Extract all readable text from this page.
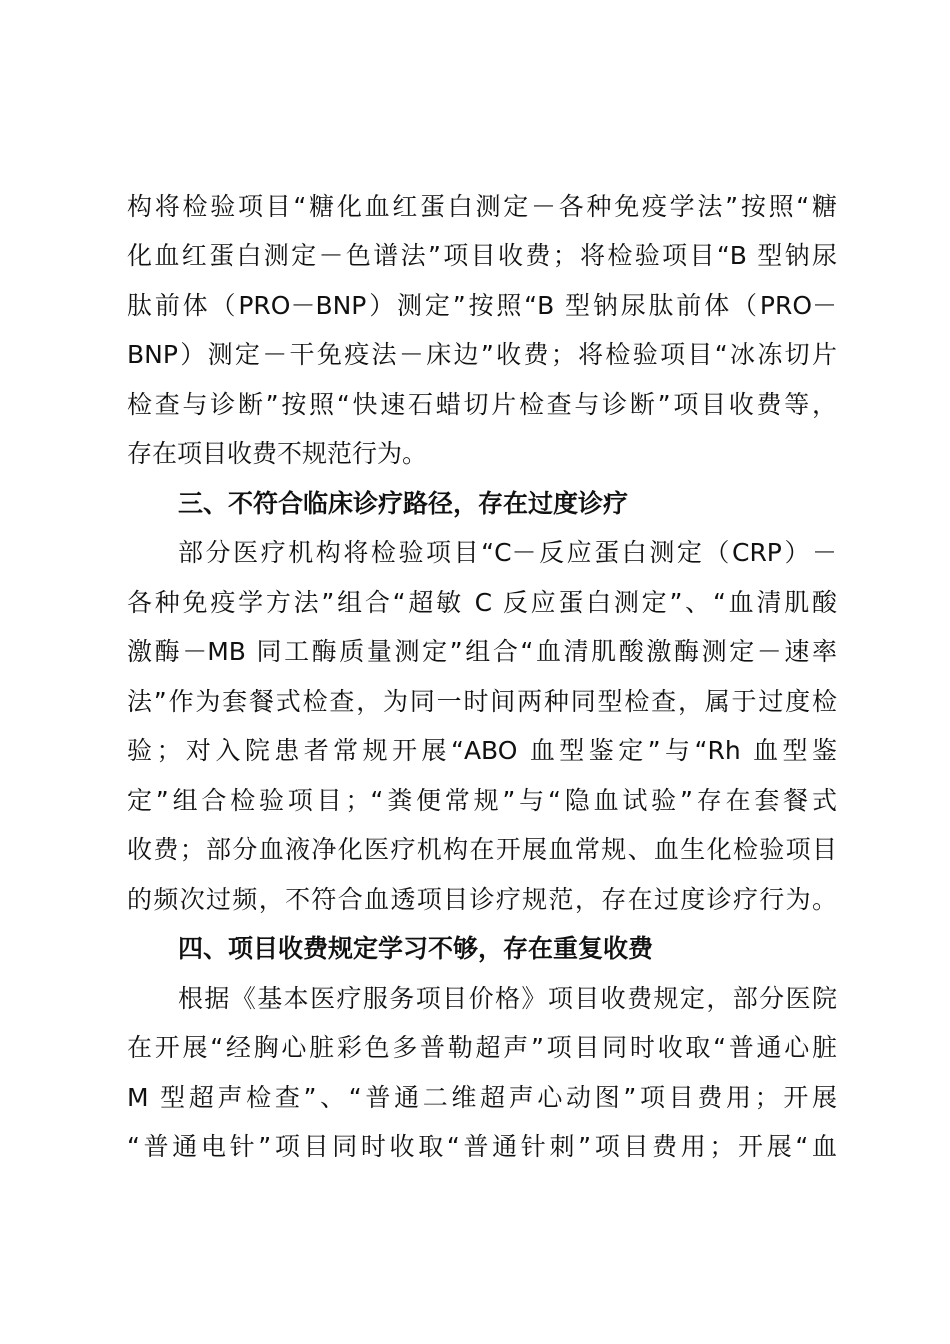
构将检验项目“糖化血红蛋白测定－各种免疫学法”按照“糖
化血红蛋白测定－色谱法”项目收费；将检验项目“B 型钠尿
肽前体（PRO－BNP）测定”按照“B 型钠尿肽前体（PRO－
BNP）测定－干免疫法－床边”收费；将检验项目“冰冻切片
检查与诊断”按照“快速石蜡切片检查与诊断”项目收费等，
存在项目收费不规范行为。
三、不符合临床诊疗路径，存在过度诊疗
部分医疗机构将检验项目“C－反应蛋白测定（CRP）－
各种免疫学方法”组合“超敏 C 反应蛋白测定”、“血清肌酸
激酶－MB 同工酶质量测定”组合“血清肌酸激酶测定－速率
法”作为套餐式检查，为同一时间两种同型检查，属于过度检
验；对入院患者常规开展“ABO 血型鉴定”与“Rh 血型鉴
定”组合检验项目；“粪便常规”与“隐血试验”存在套餐式
收费；部分血液净化医疗机构在开展血常规、血生化检验项目
的频次过频，不符合血透项目诊疗规范，存在过度诊疗行为。
四、项目收费规定学习不够，存在重复收费
根据《基本医疗服务项目价格》项目收费规定，部分医院
在开展“经胸心脏彩色多普勒超声”项目同时收取“普通心脏
M 型超声检查”、“普通二维超声心动图”项目费用；开展
“普通电针”项目同时收取“普通针刺”项目费用；开展“血
